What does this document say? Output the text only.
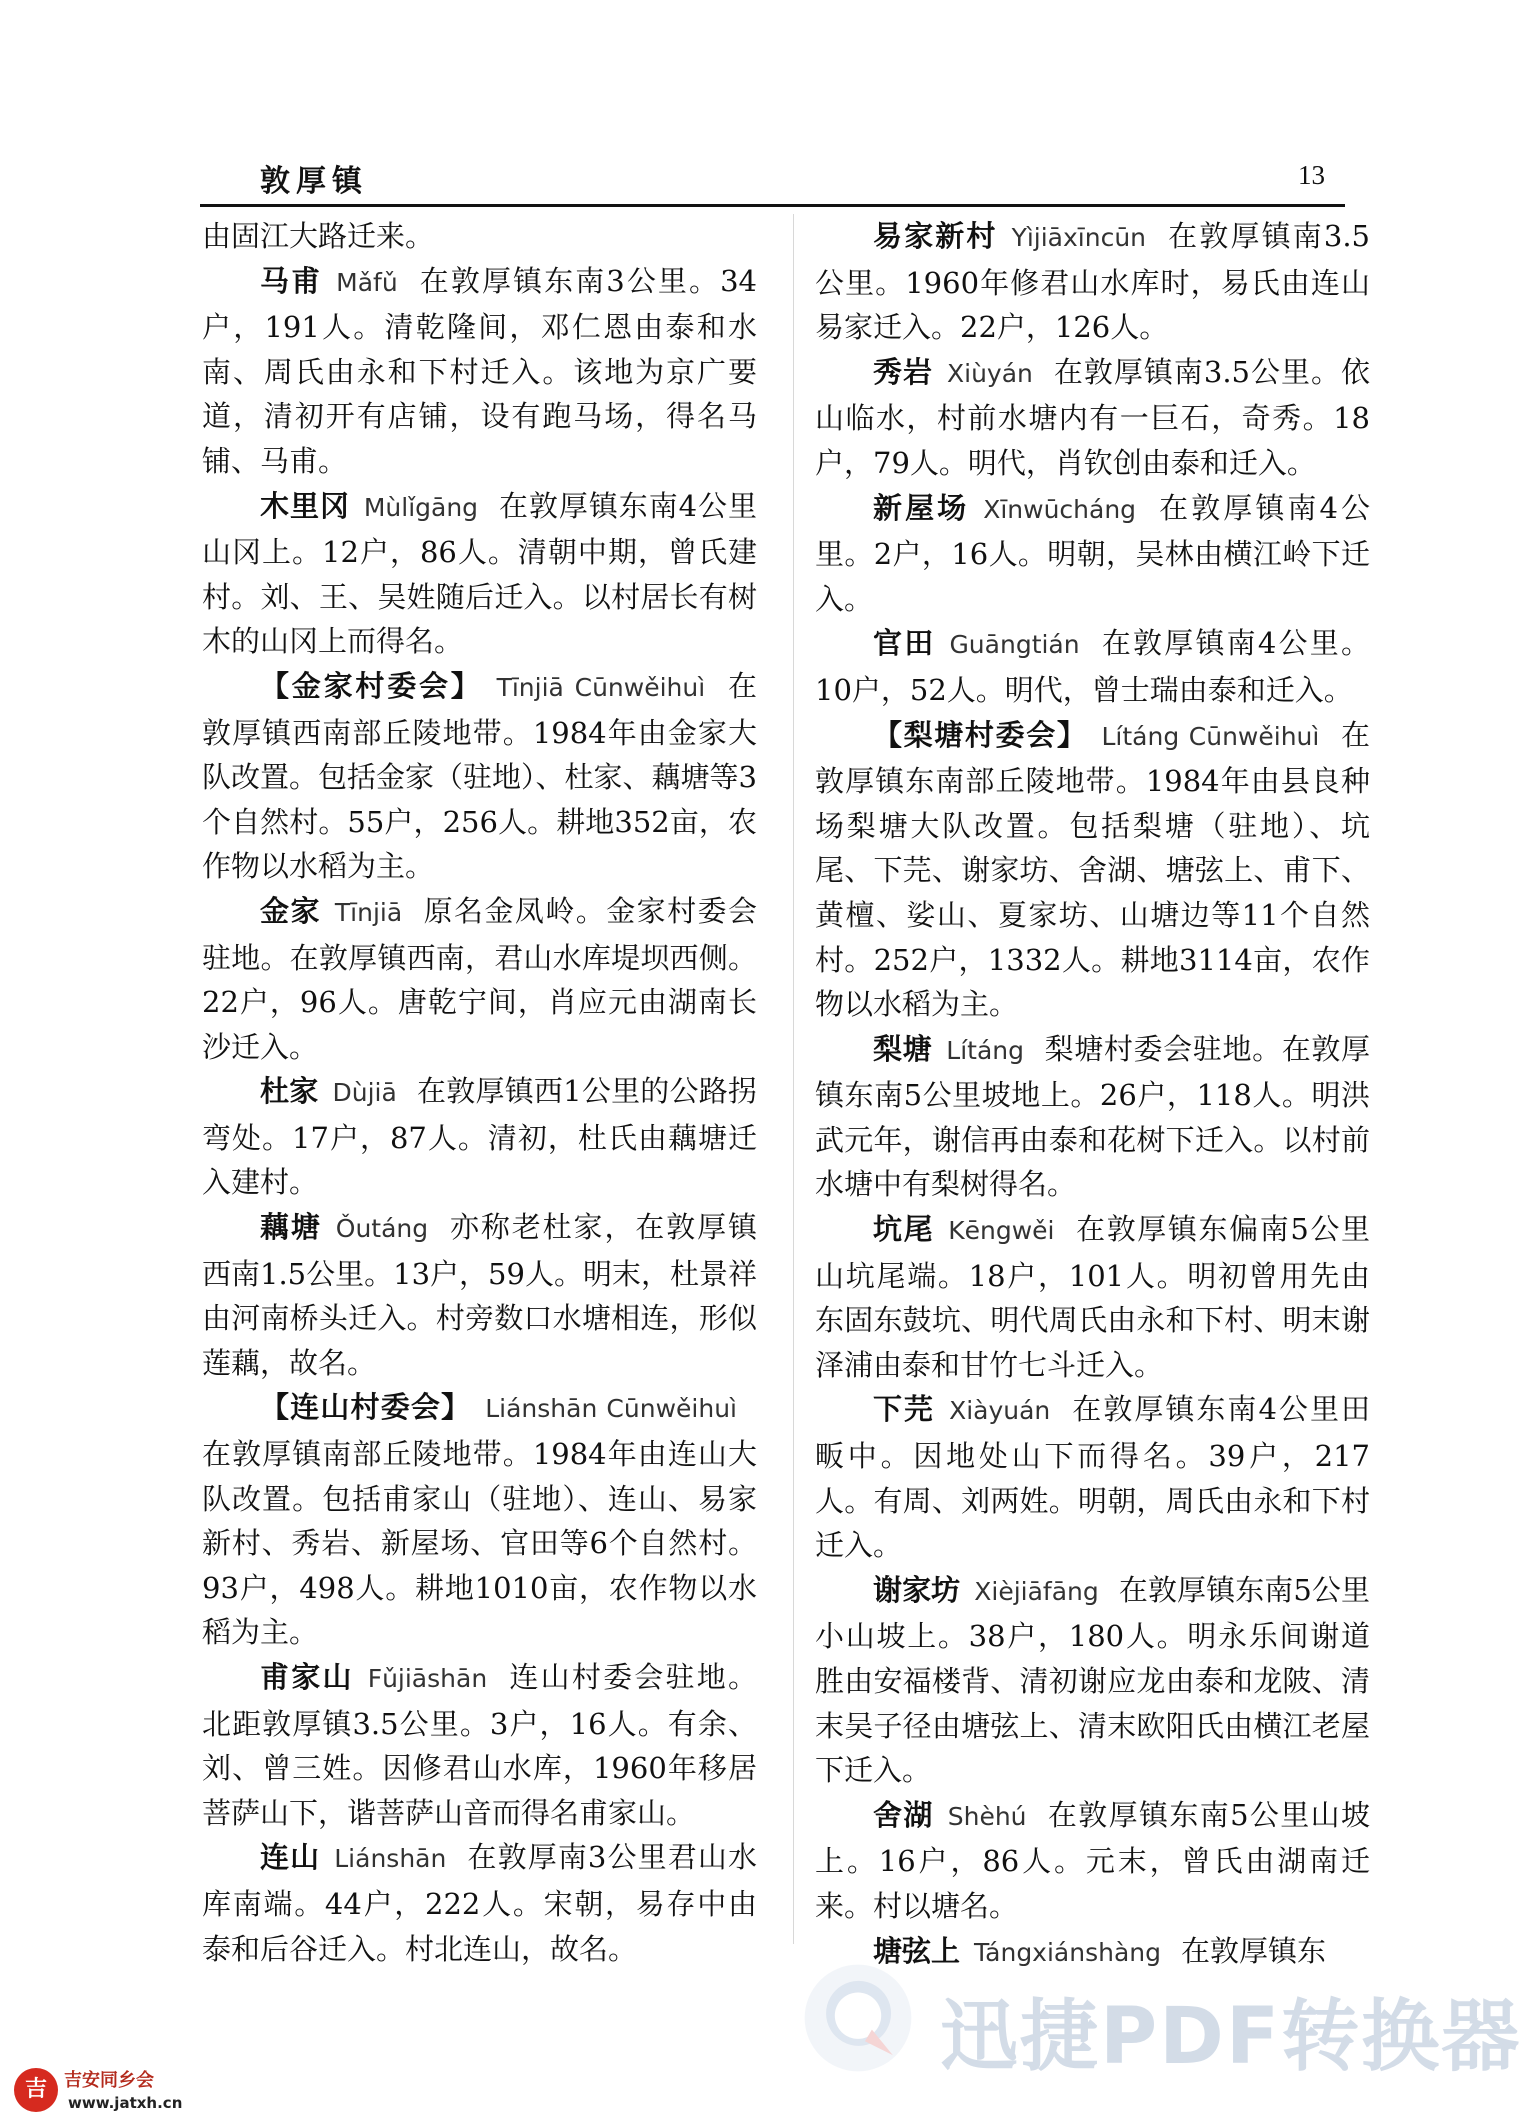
敦厚镇	13

由固江大路迁来。

马甫 Mǎfǔ 在敦厚镇东南3公里。34户，191人。清乾隆间，邓仁恩由泰和水南、周氏由永和下村迁入。该地为京广要道，清初开有店铺，设有跑马场，得名马铺、马甫。

木里冈 Mùlǐgāng 在敦厚镇东南4公里山冈上。12户，86人。清朝中期，曾氏建村。刘、王、吴姓随后迁入。以村居长有树木的山冈上而得名。

【金家村委会】 Tīnjiā Cūnwěihuì 在敦厚镇西南部丘陵地带。1984年由金家大队改置。包括金家（驻地）、杜家、藕塘等3个自然村。55户，256人。耕地352亩，农作物以水稻为主。

金家 Tīnjiā 原名金凤岭。金家村委会驻地。在敦厚镇西南，君山水库堤坝西侧。22户，96人。唐乾宁间，肖应元由湖南长沙迁入。

杜家 Dùjiā 在敦厚镇西1公里的公路拐弯处。17户，87人。清初，杜氏由藕塘迁入建村。

藕塘 Ǒutáng 亦称老杜家，在敦厚镇西南1.5公里。13户，59人。明末，杜景祥由河南桥头迁入。村旁数口水塘相连，形似莲藕，故名。

【连山村委会】 Liánshān Cūnwěihuì在敦厚镇南部丘陵地带。1984年由连山大队改置。包括甫家山（驻地）、连山、易家新村、秀岩、新屋场、官田等6个自然村。93户，498人。耕地1010亩，农作物以水稻为主。

甫家山 Fǔjiāshān 连山村委会驻地。北距敦厚镇3.5公里。3户，16人。有余、刘、曾三姓。因修君山水库，1960年移居菩萨山下，谐菩萨山音而得名甫家山。

连山 Liánshān 在敦厚南3公里君山水库南端。44户，222人。宋朝，易存中由泰和后谷迁入。村北连山，故名。

易家新村 Yìjiāxīncūn 在敦厚镇南3.5公里。1960年修君山水库时，易氏由连山易家迁入。22户，126人。

秀岩 Xiùyán 在敦厚镇南3.5公里。依山临水，村前水塘内有一巨石，奇秀。18户，79人。明代，肖钦创由泰和迁入。

新屋场 Xīnwūcháng 在敦厚镇南4公里。2户，16人。明朝，吴林由横江岭下迁入。

官田 Guāngtián 在敦厚镇南4公里。10户，52人。明代，曾士瑞由泰和迁入。

【梨塘村委会】 Lítáng Cūnwěihuì 在敦厚镇东南部丘陵地带。1984年由县良种场梨塘大队改置。包括梨塘（驻地）、坑尾、下芫、谢家坊、舍湖、塘弦上、甫下、黄檀、娑山、夏家坊、山塘边等11个自然村。252户，1332人。耕地3114亩，农作物以水稻为主。

梨塘 Lítáng 梨塘村委会驻地。在敦厚镇东南5公里坡地上。26户，118人。明洪武元年，谢信再由泰和花树下迁入。以村前水塘中有梨树得名。

坑尾 Kēngwěi 在敦厚镇东偏南5公里山坑尾端。18户，101人。明初曾用先由东固东鼓坑、明代周氏由永和下村、明末谢泽浦由泰和甘竹七斗迁入。

下芫 Xiàyuán 在敦厚镇东南4公里田畈中。因地处山下而得名。39户，217人。有周、刘两姓。明朝，周氏由永和下村迁入。

谢家坊 Xièjiāfāng 在敦厚镇东南5公里小山坡上。38户，180人。明永乐间谢道胜由安福楼背、清初谢应龙由泰和龙陂、清末吴子径由塘弦上、清末欧阳氏由横江老屋下迁入。

舍湖 Shèhú 在敦厚镇东南5公里山坡上。16户，86人。元末，曾氏由湖南迁来。村以塘名。

塘弦上 Tángxiánshàng 在敦厚镇东

吉 吉安同乡会
www.jatxh.cn
迅捷PDF转换器
